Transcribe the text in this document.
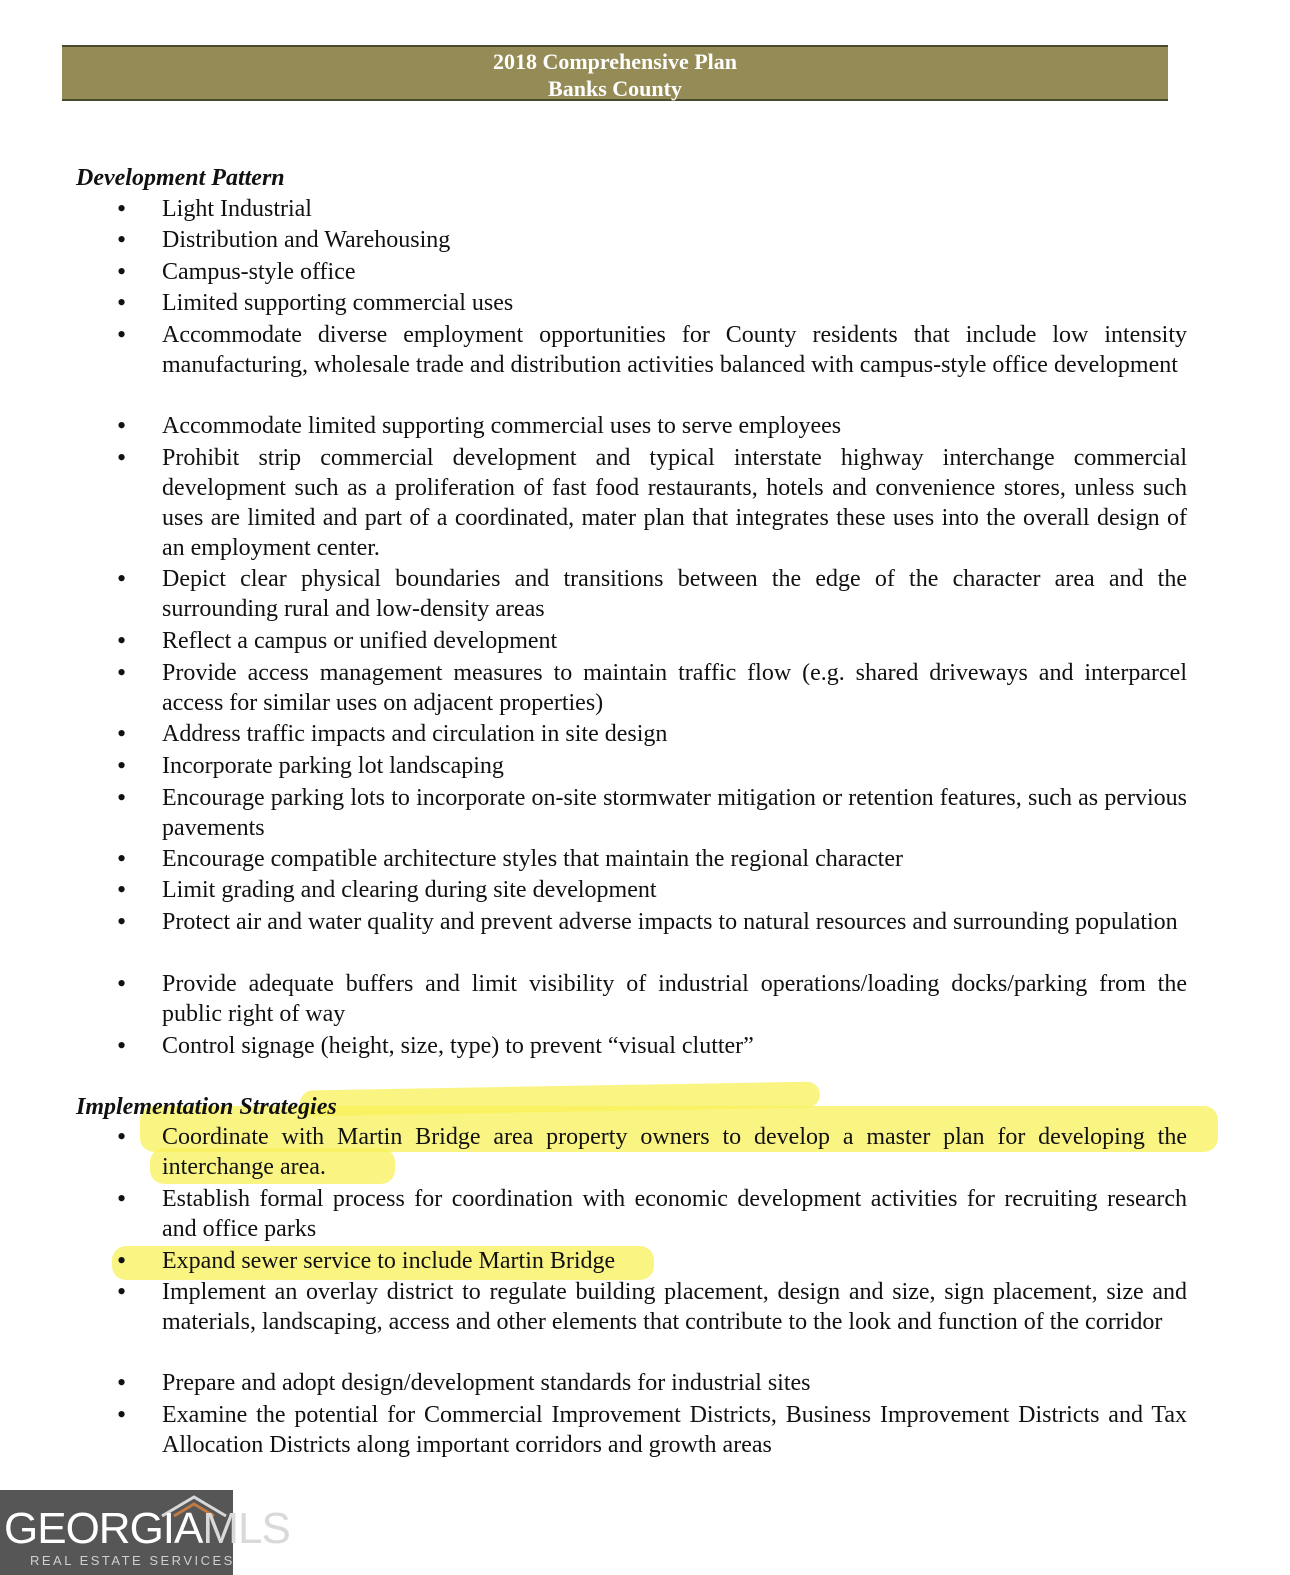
2018 Comprehensive Plan
Banks County
Development Pattern
• Light Industrial
• Distribution and Warehousing
• Campus-style office
• Limited supporting commercial uses
• Accommodate diverse employment opportunities for County residents that include low intensity manufacturing, wholesale trade and distribution activities balanced with campus-style office development
• Accommodate limited supporting commercial uses to serve employees
• Prohibit strip commercial development and typical interstate highway interchange commercial development such as a proliferation of fast food restaurants, hotels and convenience stores, unless such uses are limited and part of a coordinated, mater plan that integrates these uses into the overall design of an employment center.
• Depict clear physical boundaries and transitions between the edge of the character area and the surrounding rural and low-density areas
• Reflect a campus or unified development
• Provide access management measures to maintain traffic flow (e.g. shared driveways and interparcel access for similar uses on adjacent properties)
• Address traffic impacts and circulation in site design
• Incorporate parking lot landscaping
• Encourage parking lots to incorporate on-site stormwater mitigation or retention features, such as pervious pavements
• Encourage compatible architecture styles that maintain the regional character
• Limit grading and clearing during site development
• Protect air and water quality and prevent adverse impacts to natural resources and surrounding population
• Provide adequate buffers and limit visibility of industrial operations/loading docks/parking from the public right of way
• Control signage (height, size, type) to prevent “visual clutter”
Implementation Strategies
• Coordinate with Martin Bridge area property owners to develop a master plan for developing the interchange area.
• Establish formal process for coordination with economic development activities for recruiting research and office parks
• Expand sewer service to include Martin Bridge
• Implement an overlay district to regulate building placement, design and size, sign placement, size and materials, landscaping, access and other elements that contribute to the look and function of the corridor
• Prepare and adopt design/development standards for industrial sites
• Examine the potential for Commercial Improvement Districts, Business Improvement Districts and Tax Allocation Districts along important corridors and growth areas
GEORGIAMLS
REAL ESTATE SERVICES
